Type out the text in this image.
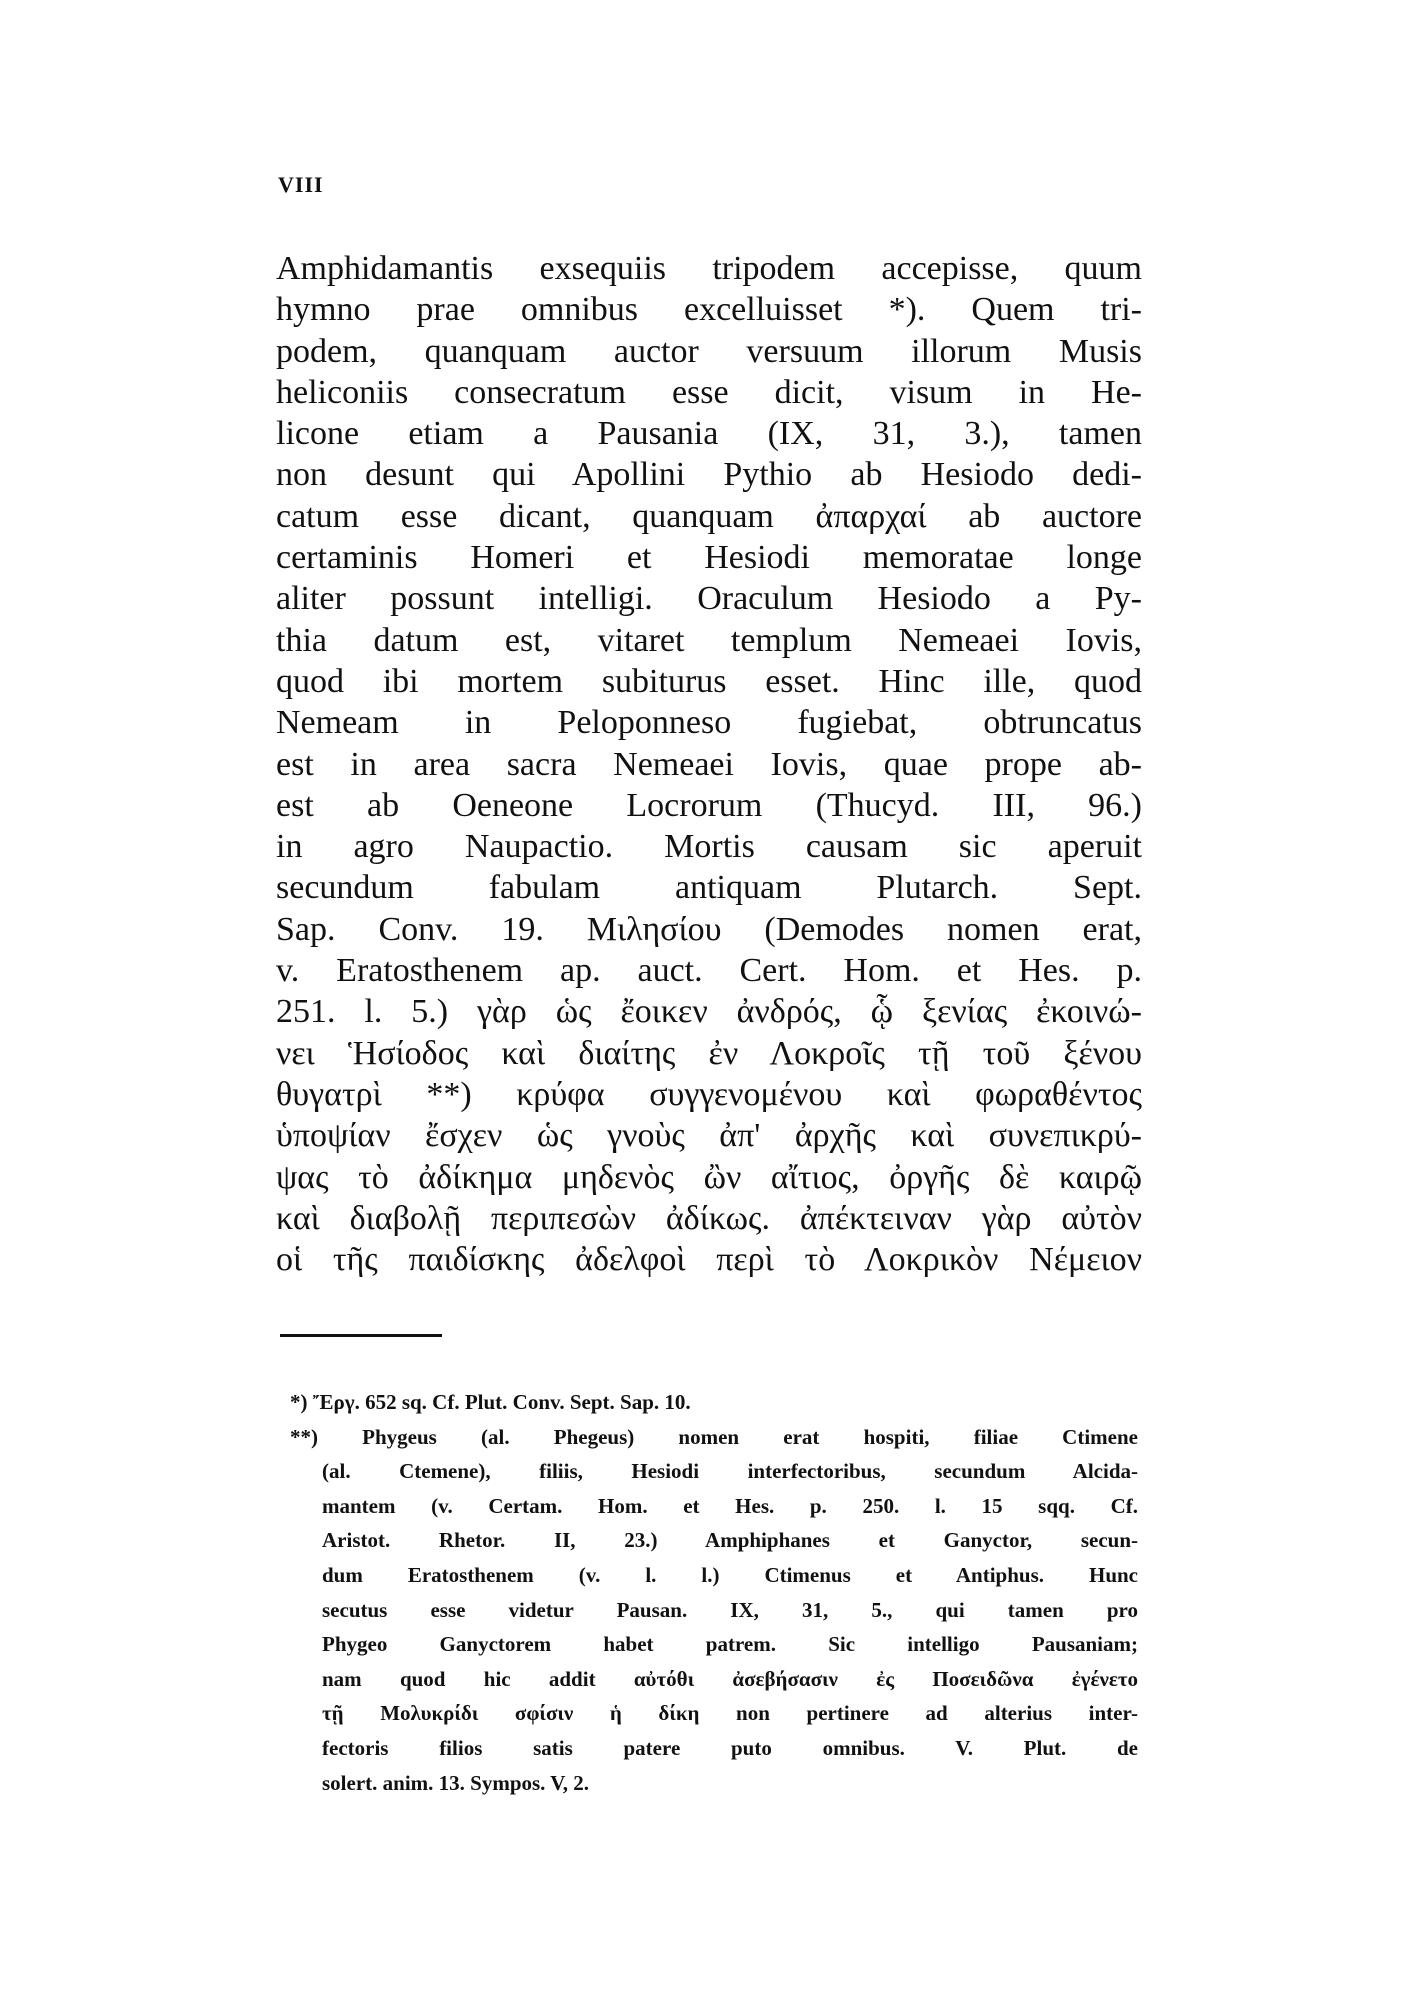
VIII
Amphidamantis exsequiis tripodem accepisse, quum
hymno prae omnibus excelluisset *). Quem tri-
podem, quanquam auctor versuum illorum Musis
heliconiis consecratum esse dicit, visum in He-
licone etiam a Pausania (IX, 31, 3.), tamen
non desunt qui Apollini Pythio ab Hesiodo dedi-
catum esse dicant, quanquam ἀπαρχαί ab auctore
certaminis Homeri et Hesiodi memoratae longe
aliter possunt intelligi. Oraculum Hesiodo a Py-
thia datum est, vitaret templum Nemeaei Iovis,
quod ibi mortem subiturus esset. Hinc ille, quod
Nemeam in Peloponneso fugiebat, obtruncatus
est in area sacra Nemeaei Iovis, quae prope ab-
est ab Oeneone Locrorum (Thucyd. III, 96.)
in agro Naupactio. Mortis causam sic aperuit
secundum fabulam antiquam Plutarch. Sept.
Sap. Conv. 19. Μιλησίου (Demodes nomen erat,
v. Eratosthenem ap. auct. Cert. Hom. et Hes. p.
251. l. 5.) γὰρ ὡς ἔοικεν ἀνδρός, ᾧ ξενίας ἐκοινώ-
νει Ἡσίοδος καὶ διαίτης ἐν Λοκροῖς τῇ τοῦ ξένου
θυγατρὶ **) κρύφα συγγενομένου καὶ φωραθέντος
ὑποψίαν ἔσχεν ὡς γνοὺς ἀπ' ἀρχῆς καὶ συνεπικρύ-
ψας τὸ ἀδίκημα μηδενὸς ὢν αἴτιος, ὀργῆς δὲ καιρῷ
καὶ διαβολῇ περιπεσὼν ἀδίκως. ἀπέκτειναν γὰρ αὐτὸν
οἱ τῆς παιδίσκης ἀδελφοὶ περὶ τὸ Λοκρικὸν Νέμειον
*) Ἔργ. 652 sq. Cf. Plut. Conv. Sept. Sap. 10.
**) Phygeus (al. Phegeus) nomen erat hospiti, filiae Ctimene
(al. Ctemene), filiis, Hesiodi interfectoribus, secundum Alcida-
mantem (v. Certam. Hom. et Hes. p. 250. l. 15 sqq. Cf.
Aristot. Rhetor. II, 23.) Amphiphanes et Ganyctor, secun-
dum Eratosthenem (v. l. l.) Ctimenus et Antiphus. Hunc
secutus esse videtur Pausan. IX, 31, 5., qui tamen pro
Phygeo Ganyctorem habet patrem. Sic intelligo Pausaniam;
nam quod hic addit αὐτόθι ἀσεβήσασιν ἐς Ποσειδῶνα ἐγένετο
τῇ Μολυκρίδι σφίσιν ἡ δίκη non pertinere ad alterius inter-
fectoris filios satis patere puto omnibus. V. Plut. de
solert. anim. 13. Sympos. V, 2.
